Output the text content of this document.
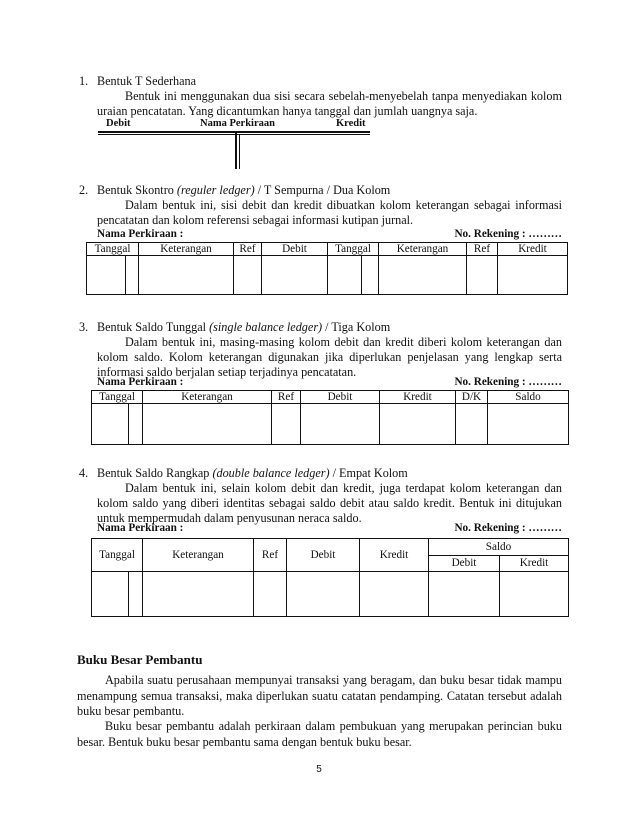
1. Bentuk T Sederhana
Bentuk ini menggunakan dua sisi secara sebelah-menyebelah tanpa menyediakan kolom uraian pencatatan. Yang dicantumkan hanya tanggal dan jumlah uangnya saja.
Debit	Nama Perkiraan	Kredit
2. Bentuk Skontro (reguler ledger) / T Sempurna / Dua Kolom
Dalam bentuk ini, sisi debit dan kredit dibuatkan kolom keterangan sebagai informasi pencatatan dan kolom referensi sebagai informasi kutipan jurnal.
Nama Perkiraan :	No. Rekening : ………
Tanggal	Keterangan	Ref	Debit	Tanggal	Keterangan	Ref	Kredit

3. Bentuk Saldo Tunggal (single balance ledger) / Tiga Kolom
Dalam bentuk ini, masing-masing kolom debit dan kredit diberi kolom keterangan dan kolom saldo. Kolom keterangan digunakan jika diperlukan penjelasan yang lengkap serta informasi saldo berjalan setiap terjadinya pencatatan.
Nama Perkiraan :	No. Rekening : ………
Tanggal	Keterangan	Ref	Debit	Kredit	D/K	Saldo

4. Bentuk Saldo Rangkap (double balance ledger) / Empat Kolom
Dalam bentuk ini, selain kolom debit dan kredit, juga terdapat kolom keterangan dan kolom saldo yang diberi identitas sebagai saldo debit atau saldo kredit. Bentuk ini ditujukan untuk mempermudah dalam penyusunan neraca saldo.
Nama Perkiraan :	No. Rekening : ………
Tanggal	Keterangan	Ref	Debit	Kredit	Saldo	
					Debit	Kredit

Buku Besar Pembantu
Apabila suatu perusahaan mempunyai transaksi yang beragam, dan buku besar tidak mampu menampung semua transaksi, maka diperlukan suatu catatan pendamping. Catatan tersebut adalah buku besar pembantu.
Buku besar pembantu adalah perkiraan dalam pembukuan yang merupakan perincian buku besar. Bentuk buku besar pembantu sama dengan bentuk buku besar.
5
